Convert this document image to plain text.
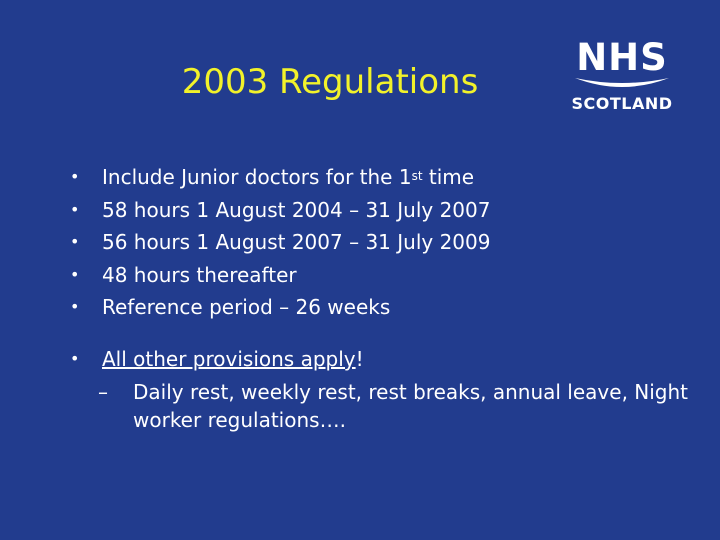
2003 Regulations
NHS
SCOTLAND
•	Include Junior doctors for the 1st time
•	58 hours 1 August 2004 – 31 July 2007
•	56 hours 1 August 2007 – 31 July 2009
•	48 hours thereafter
•	Reference period – 26 weeks
•	All other provisions apply!
–	Daily rest, weekly rest, rest breaks, annual leave, Night worker regulations….
